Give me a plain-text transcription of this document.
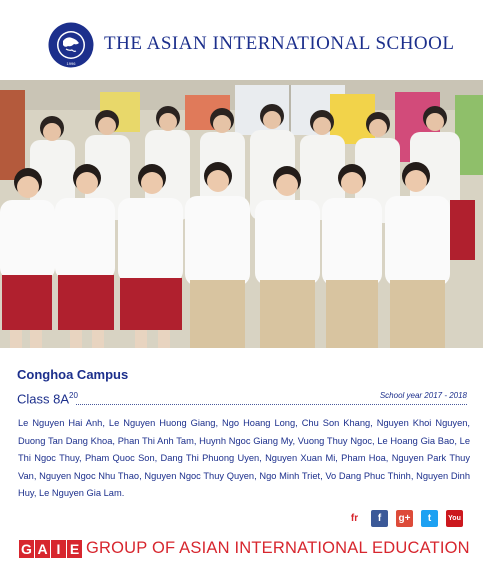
1996
THE ASIAN INTERNATIONAL SCHOOL
Conghoa Campus
Class $8A^{20}$	School year 2017 - 2018
Le Nguyen Hai Anh, Le Nguyen Huong Giang, Ngo Hoang Long, Chu Son Khang, Nguyen Khoi Nguyen, Duong Tan Dang Khoa, Phan Thi Anh Tam, Huynh Ngoc Giang My, Vuong Thuy Ngoc, Le Hoang Gia Bao, Le Thi Ngoc Thuy, Pham Quoc Son, Dang Thi Phuong Uyen, Nguyen Xuan Mi, Pham Hoa, Nguyen Park Thuy Van, Nguyen Ngoc Nhu Thao, Nguyen Ngoc Thuy Quyen, Ngo Minh Triet, Vo Dang Phuc Thinh, Nguyen Dinh Huy, Le Nguyen Gia Lam.
fr	f	g+	t	You
G A I E GROUP OF ASIAN INTERNATIONAL EDUCATION
